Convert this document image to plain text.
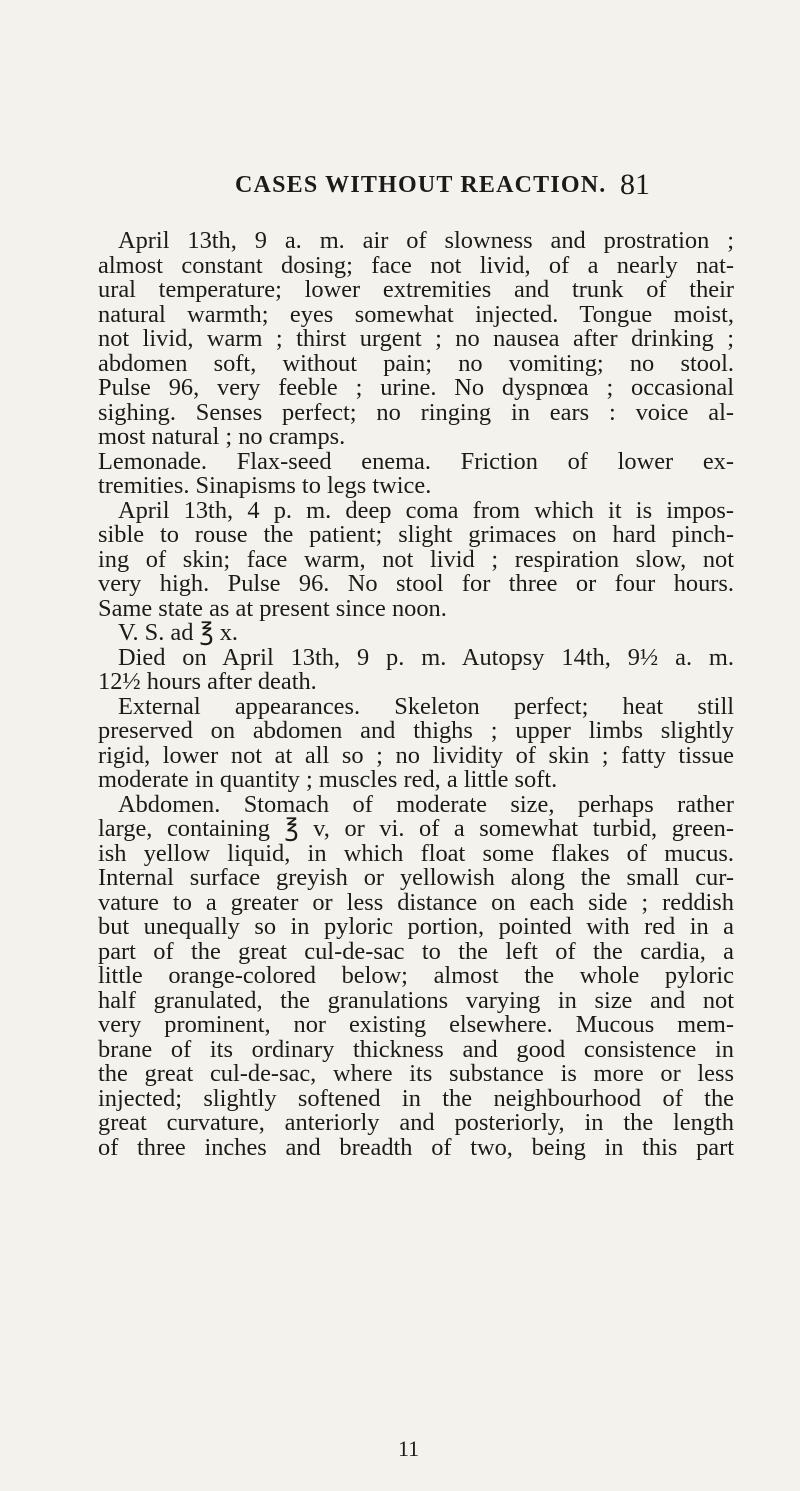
CASES WITHOUT REACTION. 81
April 13th, 9 a. m. air of slowness and prostration ;
almost constant dosing; face not livid, of a nearly nat-
ural temperature; lower extremities and trunk of their
natural warmth; eyes somewhat injected. Tongue moist,
not livid, warm ; thirst urgent ; no nausea after drinking ;
abdomen soft, without pain; no vomiting; no stool.
Pulse 96, very feeble ; urine. No dyspnœa ; occasional
sighing. Senses perfect; no ringing in ears : voice al-
most natural ; no cramps.
Lemonade. Flax-seed enema. Friction of lower ex-
tremities. Sinapisms to legs twice.
April 13th, 4 p. m. deep coma from which it is impos-
sible to rouse the patient; slight grimaces on hard pinch-
ing of skin; face warm, not livid ; respiration slow, not
very high. Pulse 96. No stool for three or four hours.
Same state as at present since noon.
V. S. ad ℥ x.
Died on April 13th, 9 p. m. Autopsy 14th, 9½ a. m.
12½ hours after death.
External appearances. Skeleton perfect; heat still
preserved on abdomen and thighs ; upper limbs slightly
rigid, lower not at all so ; no lividity of skin ; fatty tissue
moderate in quantity ; muscles red, a little soft.
Abdomen. Stomach of moderate size, perhaps rather
large, containing ℥ v, or vi. of a somewhat turbid, green-
ish yellow liquid, in which float some flakes of mucus.
Internal surface greyish or yellowish along the small cur-
vature to a greater or less distance on each side ; reddish
but unequally so in pyloric portion, pointed with red in a
part of the great cul-de-sac to the left of the cardia, a
little orange-colored below; almost the whole pyloric
half granulated, the granulations varying in size and not
very prominent, nor existing elsewhere. Mucous mem-
brane of its ordinary thickness and good consistence in
the great cul-de-sac, where its substance is more or less
injected; slightly softened in the neighbourhood of the
great curvature, anteriorly and posteriorly, in the length
of three inches and breadth of two, being in this part
11
